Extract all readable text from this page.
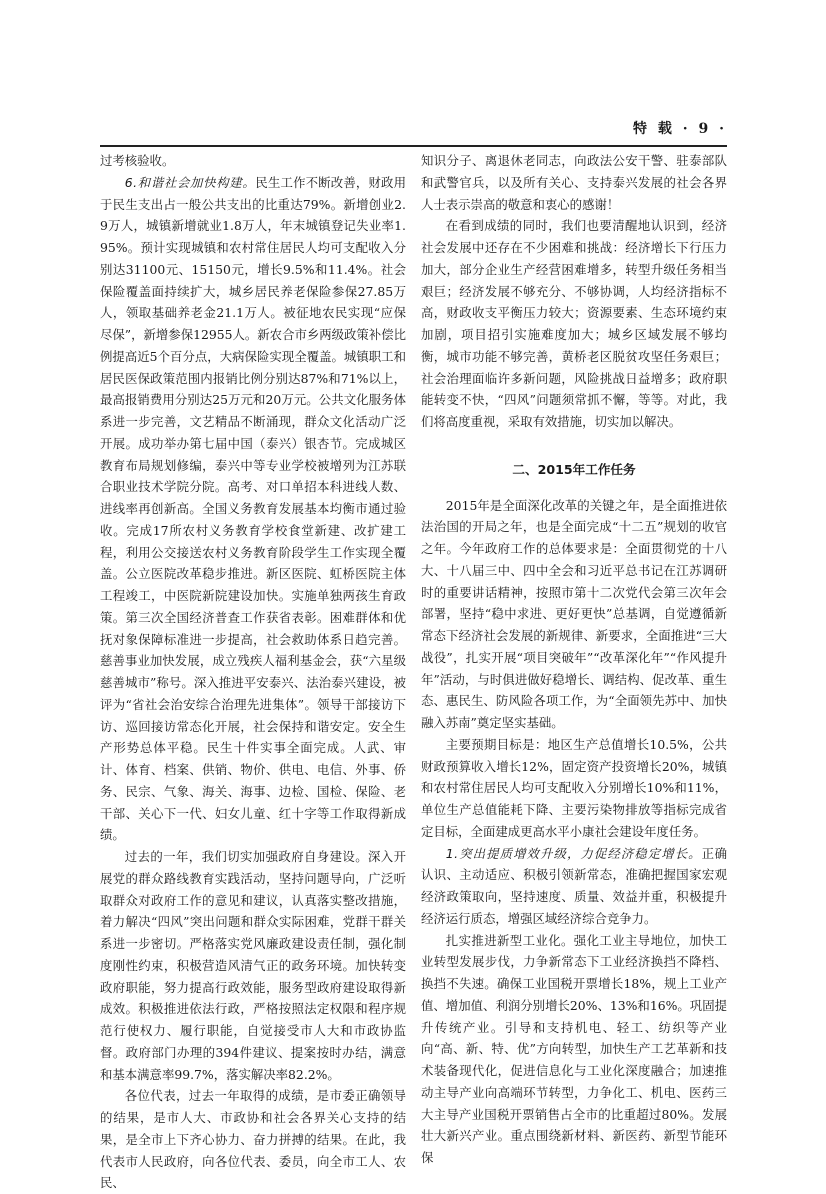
特 载 · 9 ·

过考核验收。

6.和谐社会加快构建。民生工作不断改善，财政用于民生支出占一般公共支出的比重达79%。新增创业2.9万人，城镇新增就业1.8万人，年末城镇登记失业率1.95%。预计实现城镇和农村常住居民人均可支配收入分别达31100元、15150元，增长9.5%和11.4%。社会保险覆盖面持续扩大，城乡居民养老保险参保27.85万人，领取基础养老金21.1万人。被征地农民实现“应保尽保”，新增参保12955人。新农合市乡两级政策补偿比例提高近5个百分点，大病保险实现全覆盖。城镇职工和居民医保政策范围内报销比例分别达87%和71%以上，最高报销费用分别达25万元和20万元。公共文化服务体系进一步完善，文艺精品不断涌现，群众文化活动广泛开展。成功举办第七届中国（泰兴）银杏节。完成城区教育布局规划修编，泰兴中等专业学校被增列为江苏联合职业技术学院分院。高考、对口单招本科进线人数、进线率再创新高。全国义务教育发展基本均衡市通过验收。完成17所农村义务教育学校食堂新建、改扩建工程，利用公交接送农村义务教育阶段学生工作实现全覆盖。公立医院改革稳步推进。新区医院、虹桥医院主体工程竣工，中医院新院建设加快。实施单独两孩生育政策。第三次全国经济普查工作获省表彰。困难群体和优抚对象保障标准进一步提高，社会救助体系日趋完善。慈善事业加快发展，成立残疾人福利基金会，获“六星级慈善城市”称号。深入推进平安泰兴、法治泰兴建设，被评为“省社会治安综合治理先进集体”。领导干部接访下访、巡回接访常态化开展，社会保持和谐安定。安全生产形势总体平稳。民生十件实事全面完成。人武、审计、体育、档案、供销、物价、供电、电信、外事、侨务、民宗、气象、海关、海事、边检、国检、保险、老干部、关心下一代、妇女儿童、红十字等工作取得新成绩。

过去的一年，我们切实加强政府自身建设。深入开展党的群众路线教育实践活动，坚持问题导向，广泛听取群众对政府工作的意见和建议，认真落实整改措施，着力解决“四风”突出问题和群众实际困难，党群干群关系进一步密切。严格落实党风廉政建设责任制，强化制度刚性约束，积极营造风清气正的政务环境。加快转变政府职能，努力提高行政效能，服务型政府建设取得新成效。积极推进依法行政，严格按照法定权限和程序规范行使权力、履行职能，自觉接受市人大和市政协监督。政府部门办理的394件建议、提案按时办结，满意和基本满意率99.7%，落实解决率82.2%。

各位代表，过去一年取得的成绩，是市委正确领导的结果，是市人大、市政协和社会各界关心支持的结果，是全市上下齐心协力、奋力拼搏的结果。在此，我代表市人民政府，向各位代表、委员，向全市工人、农民、

知识分子、离退休老同志，向政法公安干警、驻泰部队和武警官兵，以及所有关心、支持泰兴发展的社会各界人士表示崇高的敬意和衷心的感谢！

在看到成绩的同时，我们也要清醒地认识到，经济社会发展中还存在不少困难和挑战：经济增长下行压力加大，部分企业生产经营困难增多，转型升级任务相当艰巨；经济发展不够充分、不够协调，人均经济指标不高，财政收支平衡压力较大；资源要素、生态环境约束加剧，项目招引实施难度加大；城乡区域发展不够均衡，城市功能不够完善，黄桥老区脱贫攻坚任务艰巨；社会治理面临许多新问题，风险挑战日益增多；政府职能转变不快，“四风”问题须常抓不懈，等等。对此，我们将高度重视，采取有效措施，切实加以解决。

二、2015年工作任务

2015年是全面深化改革的关键之年，是全面推进依法治国的开局之年，也是全面完成“十二五”规划的收官之年。今年政府工作的总体要求是：全面贯彻党的十八大、十八届三中、四中全会和习近平总书记在江苏调研时的重要讲话精神，按照市第十二次党代会第三次年会部署，坚持“稳中求进、更好更快”总基调，自觉遵循新常态下经济社会发展的新规律、新要求，全面推进“三大战役”，扎实开展“项目突破年”“改革深化年”“作风提升年”活动，与时俱进做好稳增长、调结构、促改革、重生态、惠民生、防风险各项工作，为“全面领先苏中、加快融入苏南”奠定坚实基础。

主要预期目标是：地区生产总值增长10.5%，公共财政预算收入增长12%，固定资产投资增长20%，城镇和农村常住居民人均可支配收入分别增长10%和11%，单位生产总值能耗下降、主要污染物排放等指标完成省定目标，全面建成更高水平小康社会建设年度任务。

1.突出提质增效升级，力促经济稳定增长。正确认识、主动适应、积极引领新常态，准确把握国家宏观经济政策取向，坚持速度、质量、效益并重，积极提升经济运行质态，增强区域经济综合竞争力。

扎实推进新型工业化。强化工业主导地位，加快工业转型发展步伐，力争新常态下工业经济换挡不降档、换挡不失速。确保工业国税开票增长18%，规上工业产值、增加值、利润分别增长20%、13%和16%。巩固提升传统产业。引导和支持机电、轻工、纺织等产业向“高、新、特、优”方向转型，加快生产工艺革新和技术装备现代化，促进信息化与工业化深度融合；加速推动主导产业向高端环节转型，力争化工、机电、医药三大主导产业国税开票销售占全市的比重超过80%。发展壮大新兴产业。重点围绕新材料、新医药、新型节能环保
